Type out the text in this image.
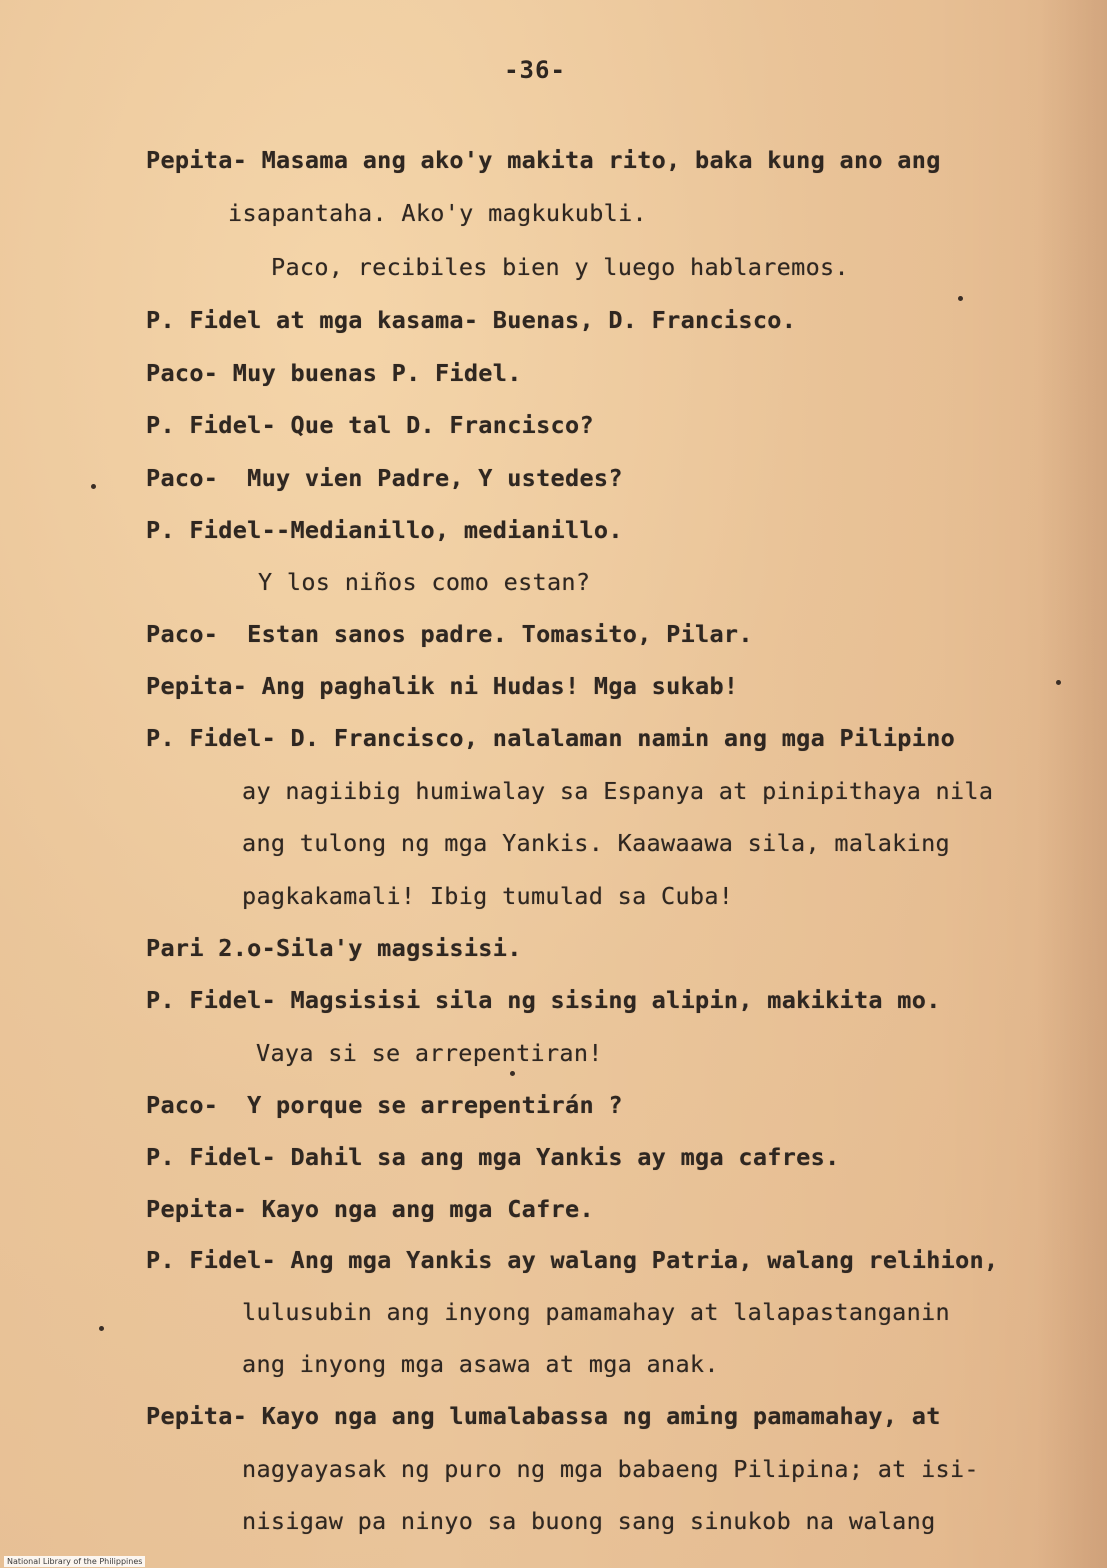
-36-
Pepita- Masama ang ako'y makita rito, baka kung ano ang
isapantaha. Ako'y magkukubli.
Paco, recibiles bien y luego hablaremos.
P. Fidel at mga kasama- Buenas, D. Francisco.
Paco- Muy buenas P. Fidel.
P. Fidel- Que tal D. Francisco?
Paco-  Muy vien Padre, Y ustedes?
P. Fidel--Medianillo, medianillo.
Y los niños como estan?
Paco-  Estan sanos padre. Tomasito, Pilar.
Pepita- Ang paghalik ni Hudas! Mga sukab!
P. Fidel- D. Francisco, nalalaman namin ang mga Pilipino
ay nagiibig humiwalay sa Espanya at pinipithaya nila
ang tulong ng mga Yankis. Kaawaawa sila, malaking
pagkakamali! Ibig tumulad sa Cuba!
Pari 2.o-Sila'y magsisisi.
P. Fidel- Magsisisi sila ng sising alipin, makikita mo.
Vaya si se arrepentiran!
Paco-  Y porque se arrepentirán ?
P. Fidel- Dahil sa ang mga Yankis ay mga cafres.
Pepita- Kayo nga ang mga Cafre.
P. Fidel- Ang mga Yankis ay walang Patria, walang relihion,
lulusubin ang inyong pamamahay at lalapastanganin
ang inyong mga asawa at mga anak.
Pepita- Kayo nga ang lumalabassa ng aming pamamahay, at
nagyayasak ng puro ng mga babaeng Pilipina; at isi-
nisigaw pa ninyo sa buong sang sinukob na walang
National Library of the Philippines
